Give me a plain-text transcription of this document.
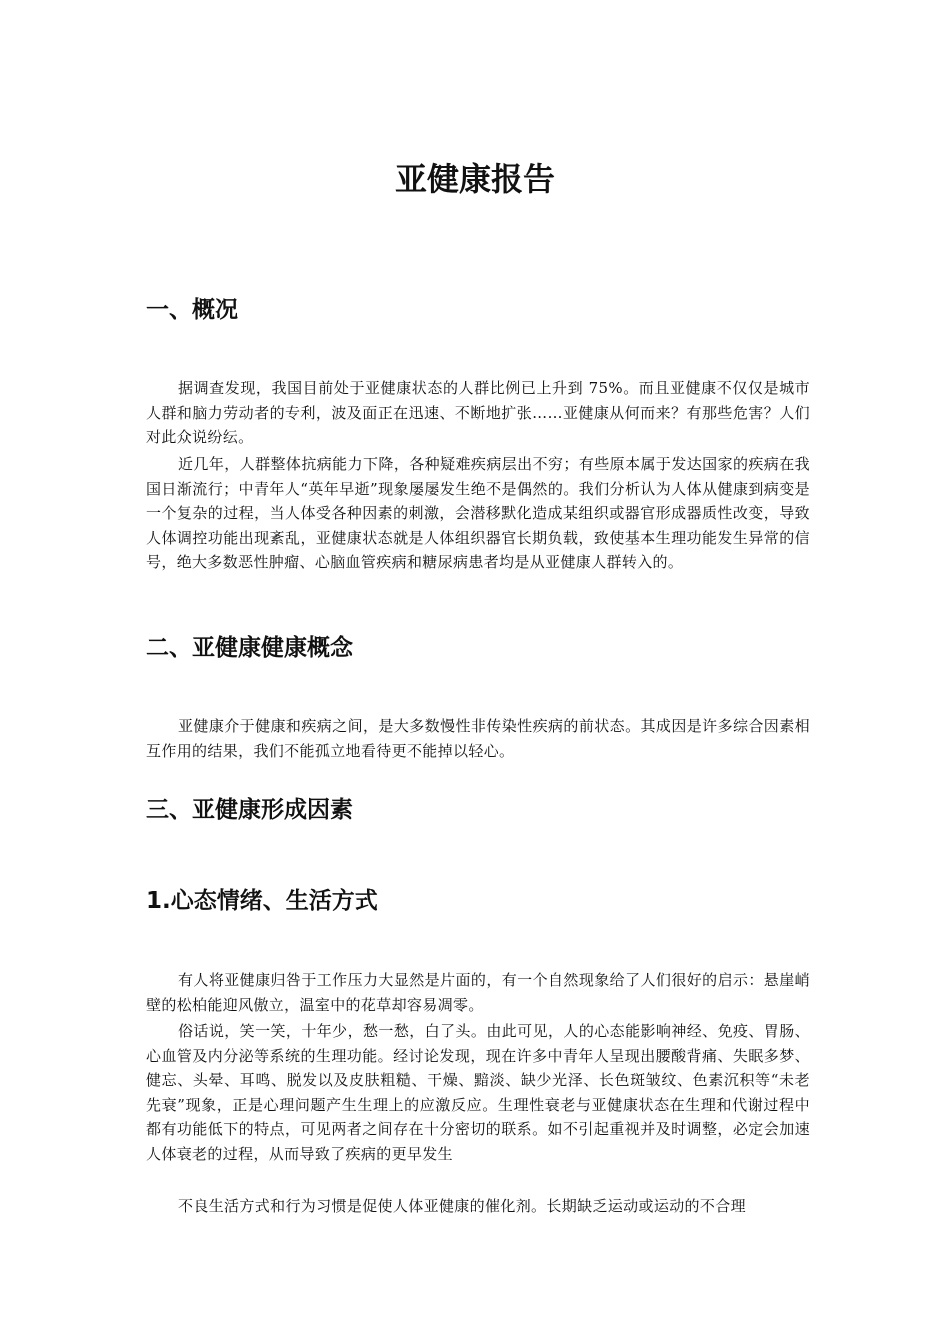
亚健康报告
一、概况

据调查发现，我国目前处于亚健康状态的人群比例已上升到 75%。而且亚健康不仅仅是城市人群和脑力劳动者的专利，波及面正在迅速、不断地扩张……亚健康从何而来？有那些危害？人们对此众说纷纭。

近几年，人群整体抗病能力下降，各种疑难疾病层出不穷；有些原本属于发达国家的疾病在我国日渐流行；中青年人“英年早逝”现象屡屡发生绝不是偶然的。我们分析认为人体从健康到病变是一个复杂的过程，当人体受各种因素的刺激，会潜移默化造成某组织或器官形成器质性改变，导致人体调控功能出现紊乱，亚健康状态就是人体组织器官长期负载，致使基本生理功能发生异常的信号，绝大多数恶性肿瘤、心脑血管疾病和糖尿病患者均是从亚健康人群转入的。

二、亚健康健康概念

亚健康介于健康和疾病之间，是大多数慢性非传染性疾病的前状态。其成因是许多综合因素相互作用的结果，我们不能孤立地看待更不能掉以轻心。

三、亚健康形成因素
1.心态情绪、生活方式

有人将亚健康归咎于工作压力大显然是片面的，有一个自然现象给了人们很好的启示：悬崖峭壁的松柏能迎风傲立，温室中的花草却容易凋零。

俗话说，笑一笑，十年少，愁一愁，白了头。由此可见，人的心态能影响神经、免疫、胃肠、心血管及内分泌等系统的生理功能。经讨论发现，现在许多中青年人呈现出腰酸背痛、失眠多梦、健忘、头晕、耳鸣、脱发以及皮肤粗糙、干燥、黯淡、缺少光泽、长色斑皱纹、色素沉积等“未老先衰”现象，正是心理问题产生生理上的应激反应。生理性衰老与亚健康状态在生理和代谢过程中都有功能低下的特点，可见两者之间存在十分密切的联系。如不引起重视并及时调整，必定会加速人体衰老的过程，从而导致了疾病的更早发生

不良生活方式和行为习惯是促使人体亚健康的催化剂。长期缺乏运动或运动的不合理
